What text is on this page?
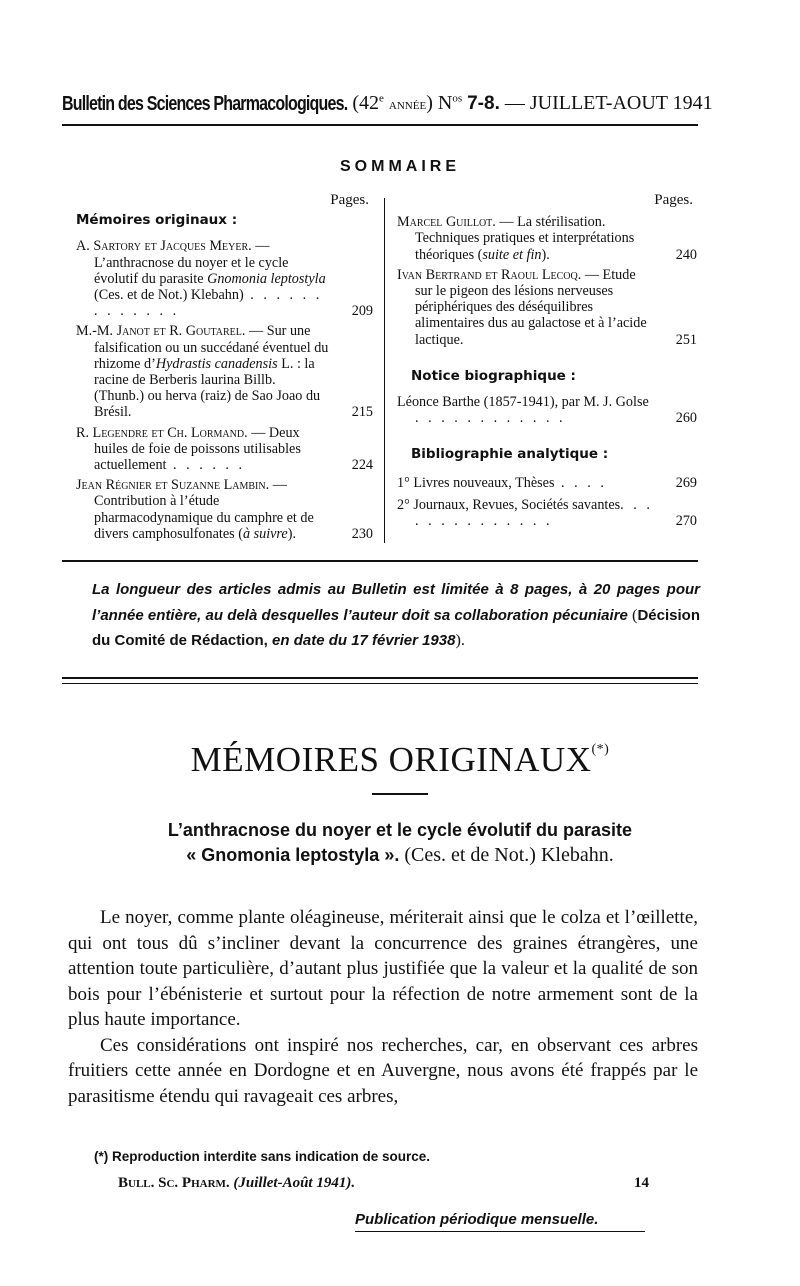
Bulletin des Sciences Pharmacologiques. (42e année) $N^{os}$ 7-8. — JUILLET-AOUT 1941
SOMMAIRE
Pages.
Mémoires originaux :
A. Sartory et Jacques Meyer. — L’anthracnose du noyer et le cycle évolutif du parasite Gnomonia leptostyla (Ces. et de Not.) Klebahn) . . . . . . . . . . . . .	209
M.-M. Janot et R. Goutarel. — Sur une falsification ou un succédané éventuel du rhizome d’Hydrastis canadensis L. : la racine de Berberis laurina Billb. (Thunb.) ou herva (raiz) de Sao Joao du Brésil.	215
R. Legendre et Ch. Lormand. — Deux huiles de foie de poissons utilisables actuellement . . . . . .	224
Jean Régnier et Suzanne Lambin. — Contribution à l’étude pharmacodynamique du camphre et de divers camphosulfonates (à suivre).	230
Pages.
Marcel Guillot. — La stérilisation. Techniques pratiques et interprétations théoriques (suite et fin).	240
Ivan Bertrand et Raoul Lecoq. — Etude sur le pigeon des lésions nerveuses périphériques des déséquilibres alimentaires dus au galactose et à l’acide lactique.	251
Notice biographique :
Léonce Barthe (1857-1941), par M. J. Golse . . . . . . . . . . . .	260
Bibliographie analytique :
1° Livres nouveaux, Thèses . . . .	269
2° Journaux, Revues, Sociétés savantes. . . . . . . . . . . . . .	270
La longueur des articles admis au Bulletin est limitée à 8 pages, à 20 pages pour l’année entière, au delà desquelles l’auteur doit sa collaboration pécuniaire (Décision du Comité de Rédaction, en date du 17 février 1938).
MÉMOIRES ORIGINAUX(*)
L’anthracnose du noyer et le cycle évolutif du parasite
« Gnomonia leptostyla ». (Ces. et de Not.) Klebahn.

Le noyer, comme plante oléagineuse, mériterait ainsi que le colza et l’œillette, qui ont tous dû s’incliner devant la concurrence des graines étrangères, une attention toute particulière, d’autant plus justifiée que la valeur et la qualité de son bois pour l’ébénisterie et surtout pour la réfection de notre armement sont de la plus haute importance.

Ces considérations ont inspiré nos recherches, car, en observant ces arbres fruitiers cette année en Dordogne et en Auvergne, nous avons été frappés par le parasitisme étendu qui ravageait ces arbres,

(*) Reproduction interdite sans indication de source.
Bull. Sc. Pharm. (Juillet-Août 1941).	14
Publication périodique mensuelle.
